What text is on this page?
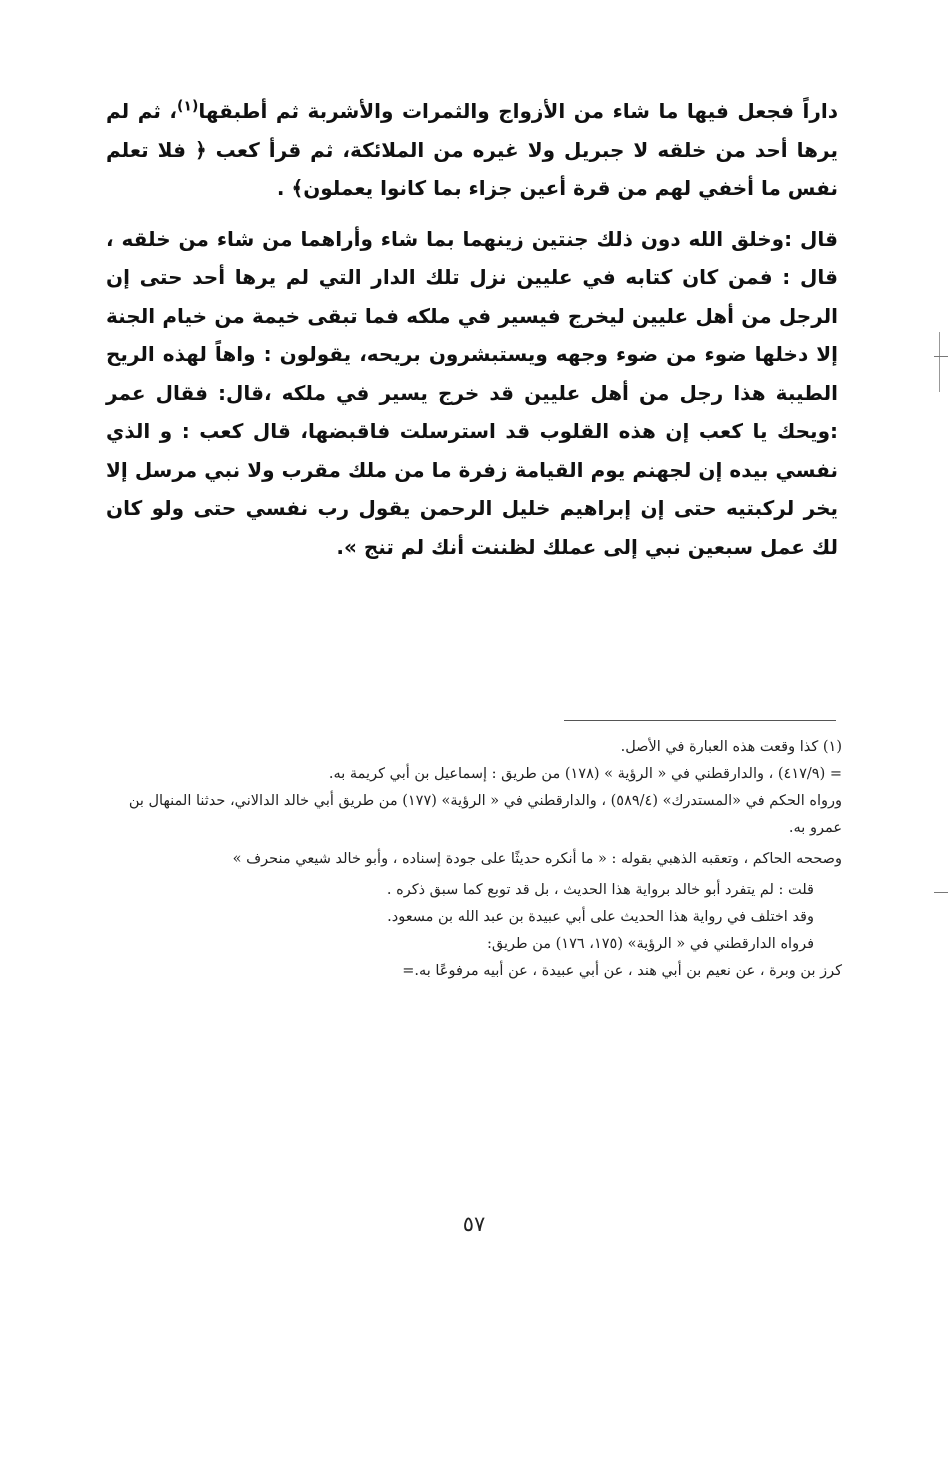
داراً فجعل فيها ما شاء من الأزواج والثمرات والأشربة ثم أطبقها$^{(١)}$، ثم لم يرها أحد من خلقه لا جبريل ولا غيره من الملائكة، ثم قرأ كعب ﴿ فلا تعلم نفس ما أخفي لهم من قرة أعين جزاء بما كانوا يعملون﴾ .

قال :وخلق الله دون ذلك جنتين زينهما بما شاء وأراهما من شاء من خلقه ، قال : فمن كان كتابه في عليين نزل تلك الدار التي لم يرها أحد حتى إن الرجل من أهل عليين ليخرج فيسير في ملكه فما تبقى خيمة من خيام الجنة إلا دخلها ضوء من ضوء وجهه ويستبشرون بريحه، يقولون : واهاً لهذه الريح الطيبة هذا رجل من أهل عليين قد خرج يسير في ملكه ،قال: فقال عمر :ويحك يا كعب إن هذه القلوب قد استرسلت فاقبضها، قال كعب : و الذي نفسي بيده إن لجهنم يوم القيامة زفرة ما من ملك مقرب ولا نبي مرسل إلا يخر لركبتيه حتى إن إبراهيم خليل الرحمن يقول رب نفسي حتى ولو كان لك عمل سبعين نبي إلى عملك لظننت أنك لم تنج ».

(١) كذا وقعت هذه العبارة في الأصل.

= (٤١٧/٩) ، والدارقطني في « الرؤية » (١٧٨) من طريق : إسماعيل بن أبي كريمة به.

ورواه الحكم في «المستدرك» (٥٨٩/٤) ، والدارقطني في « الرؤية» (١٧٧) من طريق أبي خالد الدالاني، حدثنا المنهال بن عمرو به.

وصححه الحاكم ، وتعقبه الذهبي بقوله : « ما أنكره حديثًا على جودة إسناده ، وأبو خالد شيعي منحرف »

قلت : لم يتفرد أبو خالد برواية هذا الحديث ، بل قد توبع كما سبق ذكره .

وقد اختلف في رواية هذا الحديث على أبي عبيدة بن عبد الله بن مسعود.

فرواه الدارقطني في « الرؤية» (١٧٥، ١٧٦) من طريق:

كرز بن وبرة ، عن نعيم بن أبي هند ، عن أبي عبيدة ، عن أبيه مرفوعًا به.=

٥٧
